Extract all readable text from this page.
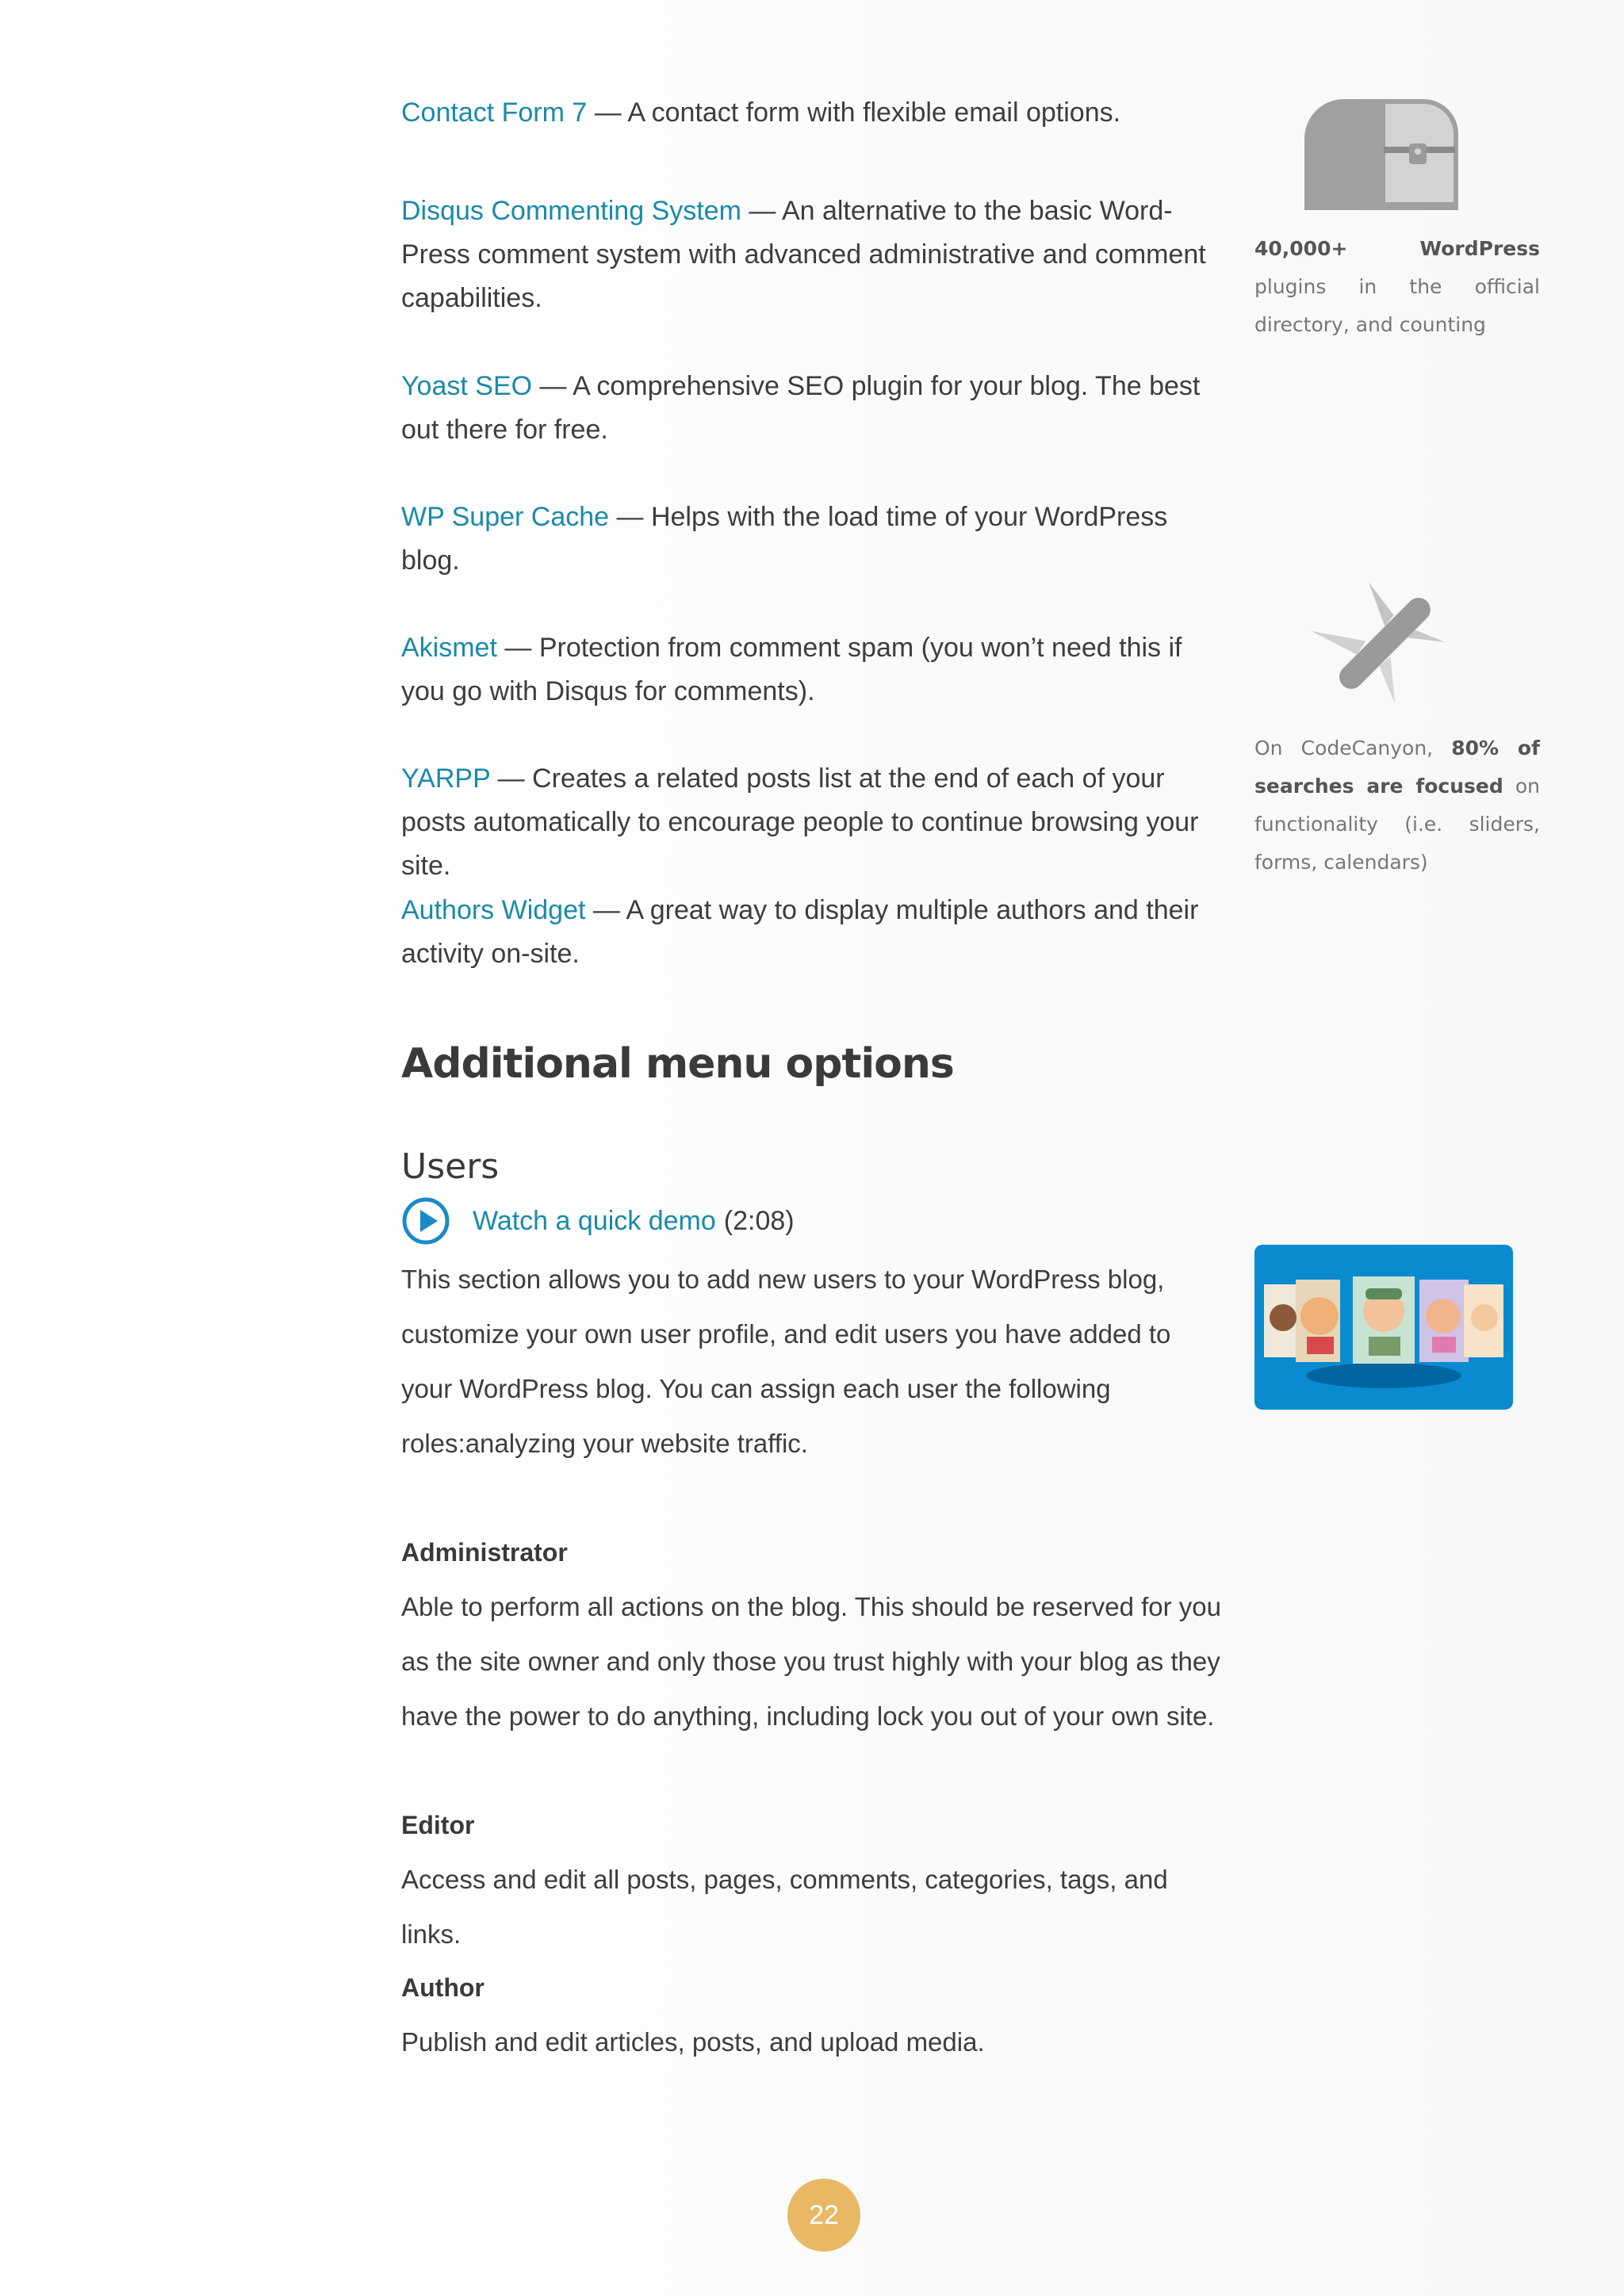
Contact Form 7 — A contact form with flexible email options.

Disqus Commenting System — An alternative to the basic Word-Press comment system with advanced administrative and comment capabilities.

Yoast SEO — A comprehensive SEO plugin for your blog. The best out there for free.

WP Super Cache — Helps with the load time of your WordPress blog.

Akismet — Protection from comment spam (you won’t need this if you go with Disqus for comments).

YARPP — Creates a related posts list at the end of each of your posts automatically to encourage people to continue browsing your site.

Authors Widget — A great way to display multiple authors and their activity on-site.

Additional menu options
Users
Watch a quick demo (2:08)

This section allows you to add new users to your WordPress blog, customize your own user profile, and edit users you have added to your WordPress blog. You can assign each user the following roles:analyzing your website traffic.

Administrator

Able to perform all actions on the blog. This should be reserved for you as the site owner and only those you trust highly with your blog as they have the power to do anything, including lock you out of your own site.

Editor

Access and edit all posts, pages, comments, categories, tags, and links.

Author

Publish and edit articles, posts, and upload media.

40,000+ WordPress plugins in the official directory, and counting
On CodeCanyon, 80% of searches are focused on functionality (i.e. sliders, forms, calendars)
22
